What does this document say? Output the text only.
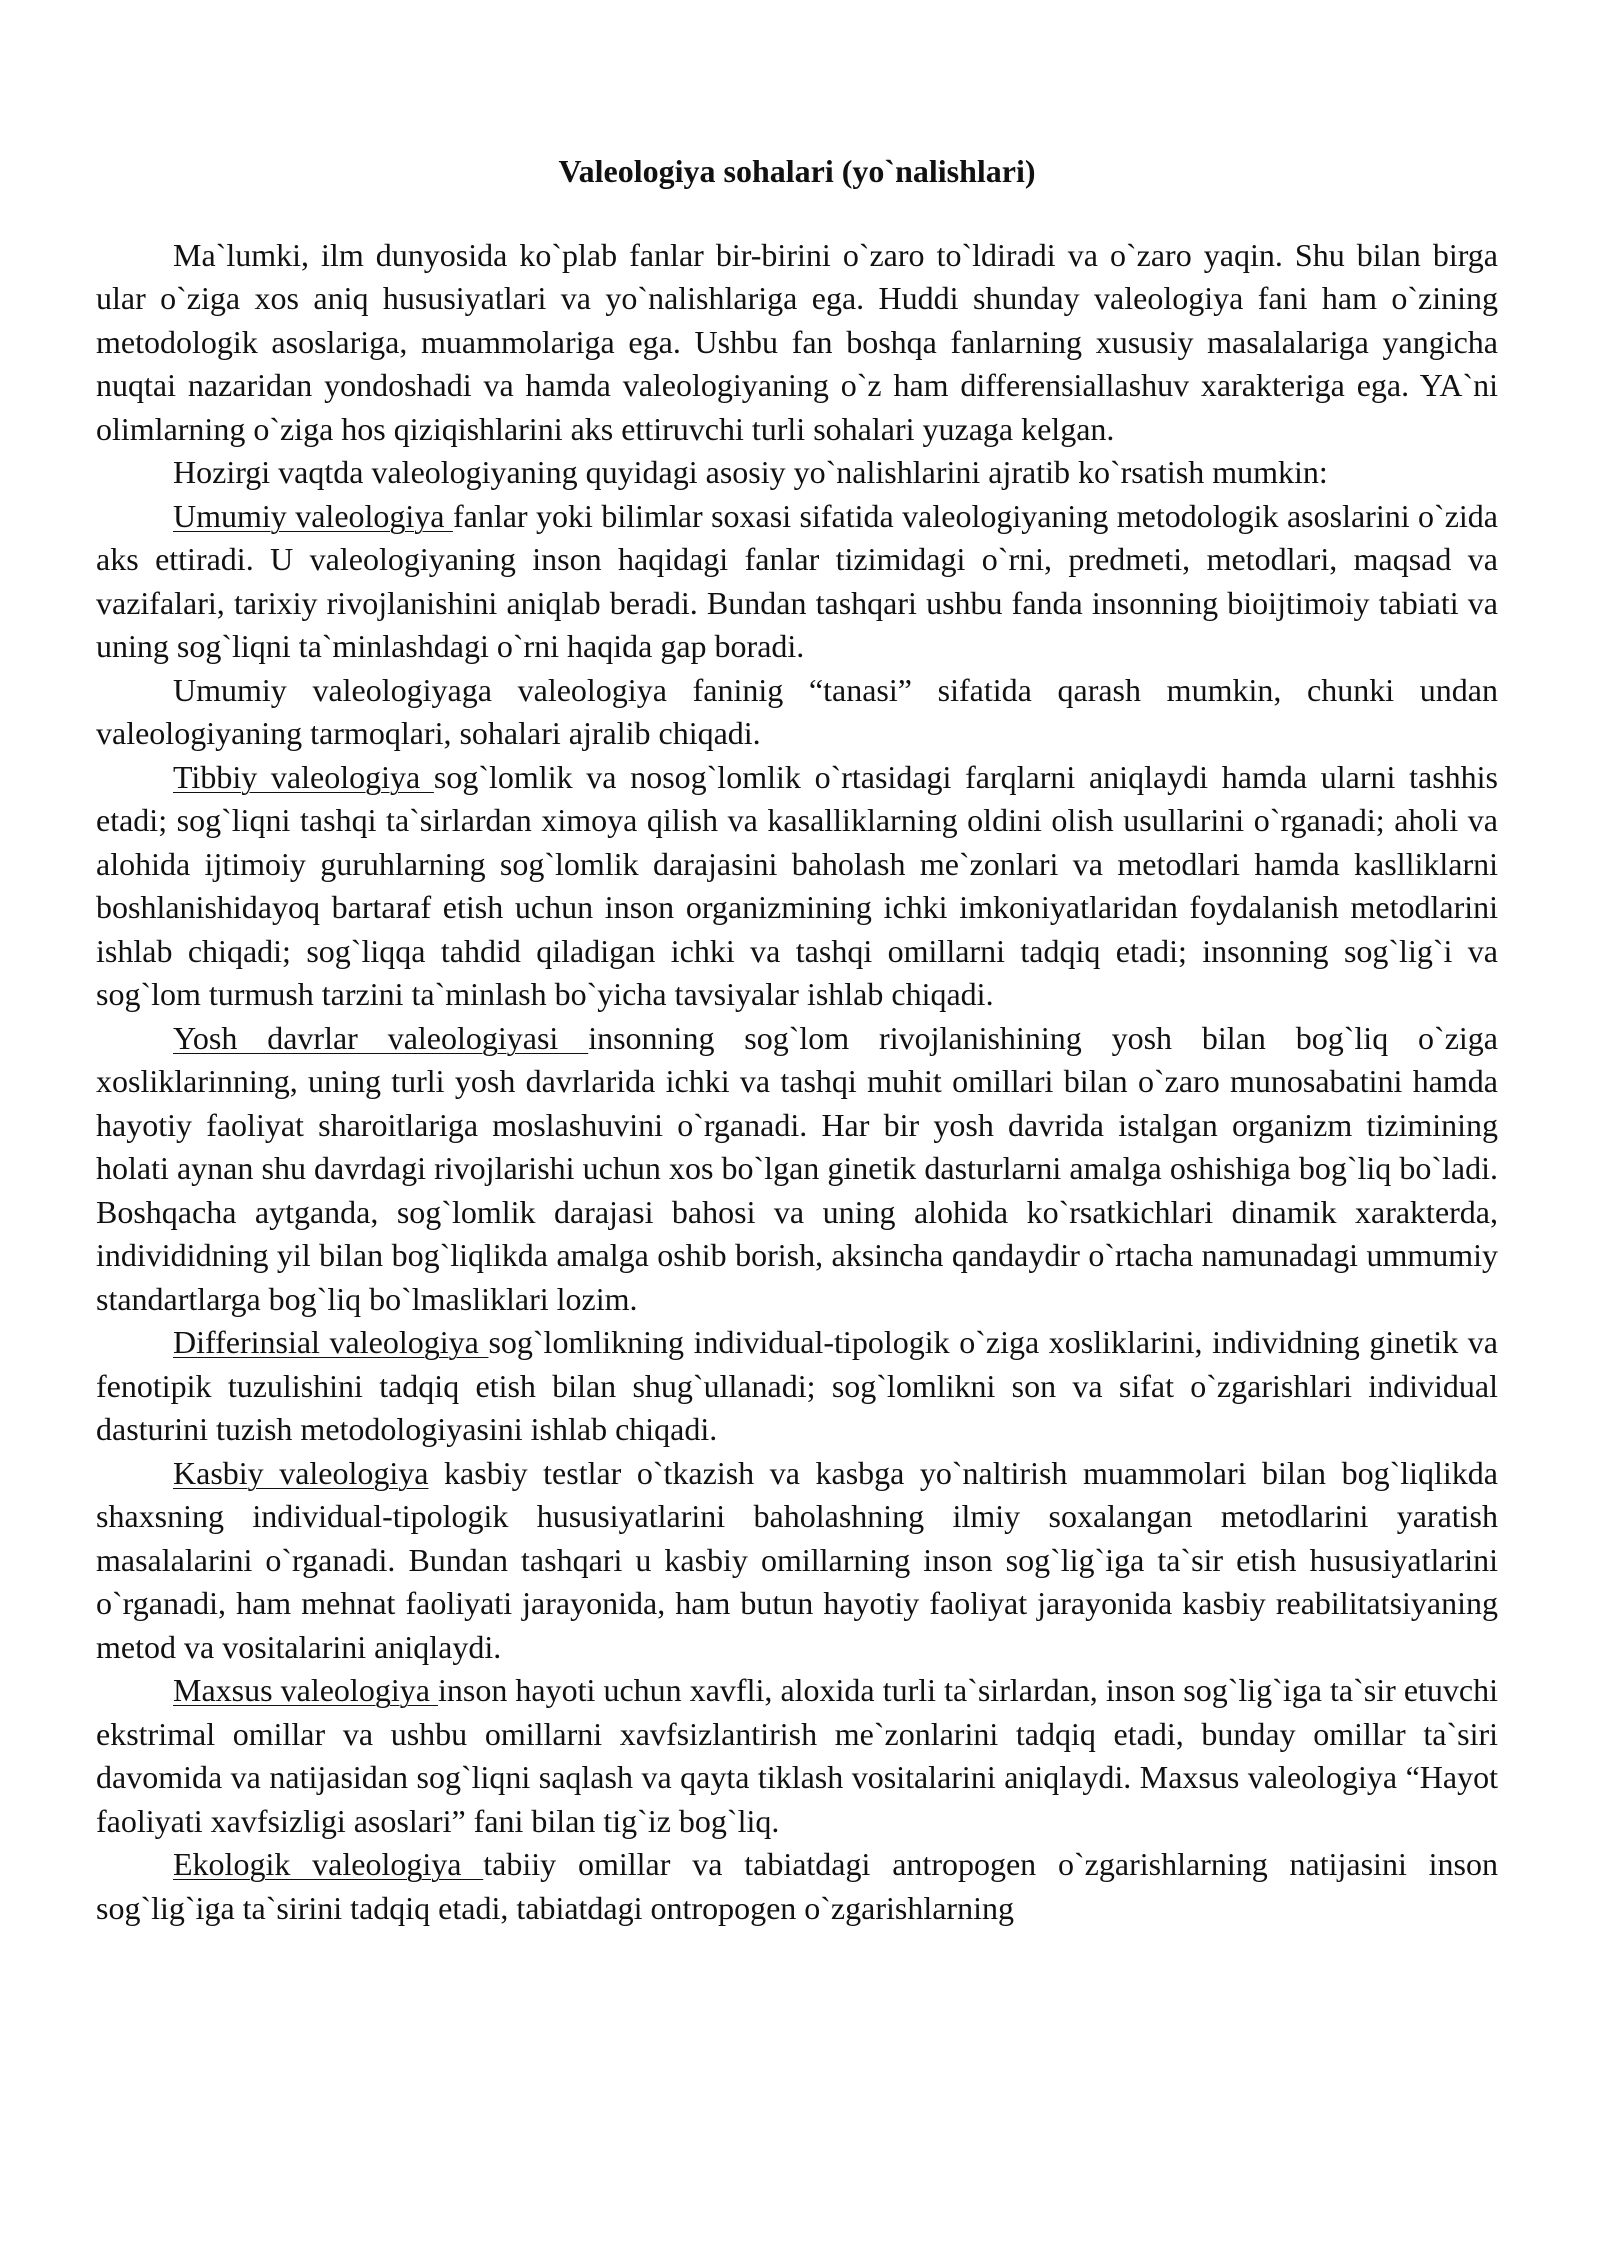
Valeologiya sohalari (yo`nalishlari)

Ma`lumki, ilm dunyosida ko`plab fanlar bir-birini o`zaro to`ldiradi va o`zaro yaqin. Shu bilan birga ular o`ziga xos aniq hususiyatlari va yo`nalishlariga ega. Huddi shunday valeologiya fani ham o`zining metodologik asoslariga, muammolariga ega. Ushbu fan boshqa fanlarning xususiy masalalariga yangicha nuqtai nazaridan yondoshadi va hamda valeologiyaning o`z ham differensiallashuv xarakteriga ega. YA`ni olimlarning o`ziga hos qiziqishlarini aks ettiruvchi turli sohalari yuzaga kelgan.

Hozirgi vaqtda valeologiyaning quyidagi asosiy yo`nalishlarini ajratib ko`rsatish mumkin:

Umumiy valeologiya fanlar yoki bilimlar soxasi sifatida valeologiyaning metodologik asoslarini o`zida aks ettiradi. U valeologiyaning inson haqidagi fanlar tizimidagi o`rni, predmeti, metodlari, maqsad va vazifalari, tarixiy rivojlanishini aniqlab beradi. Bundan tashqari ushbu fanda insonning bioijtimoiy tabiati va uning sog`liqni ta`minlashdagi o`rni haqida gap boradi.

Umumiy valeologiyaga valeologiya faninig “tanasi” sifatida qarash mumkin, chunki undan valeologiyaning tarmoqlari, sohalari ajralib chiqadi.

Tibbiy valeologiya sog`lomlik va nosog`lomlik o`rtasidagi farqlarni aniqlaydi hamda ularni tashhis etadi; sog`liqni tashqi ta`sirlardan ximoya qilish va kasalliklarning oldini olish usullarini o`rganadi; aholi va alohida ijtimoiy guruhlarning sog`lomlik darajasini baholash me`zonlari va metodlari hamda kaslliklarni boshlanishidayoq bartaraf etish uchun inson organizmining ichki imkoniyatlaridan foydalanish metodlarini ishlab chiqadi; sog`liqqa tahdid qiladigan ichki va tashqi omillarni tadqiq etadi; insonning sog`lig`i va sog`lom turmush tarzini ta`minlash bo`yicha tavsiyalar ishlab chiqadi.

Yosh davrlar valeologiyasi insonning sog`lom rivojlanishining yosh bilan bog`liq o`ziga xosliklarinning, uning turli yosh davrlarida ichki va tashqi muhit omillari bilan o`zaro munosabatini hamda hayotiy faoliyat sharoitlariga moslashuvini o`rganadi. Har bir yosh davrida istalgan organizm tizimining holati aynan shu davrdagi rivojlarishi uchun xos bo`lgan ginetik dasturlarni amalga oshishiga bog`liq bo`ladi. Boshqacha aytganda, sog`lomlik darajasi bahosi va uning alohida ko`rsatkichlari dinamik xarakterda, individidning yil bilan bog`liqlikda amalga oshib borish, aksincha qandaydir o`rtacha namunadagi ummumiy standartlarga bog`liq bo`lmasliklari lozim.

Differinsial valeologiya sog`lomlikning individual-tipologik o`ziga xosliklarini, individning ginetik va fenotipik tuzulishini tadqiq etish bilan shug`ullanadi; sog`lomlikni son va sifat o`zgarishlari individual dasturini tuzish metodologiyasini ishlab chiqadi.

Kasbiy valeologiya kasbiy testlar o`tkazish va kasbga yo`naltirish muammolari bilan bog`liqlikda shaxsning individual-tipologik hususiyatlarini baholashning ilmiy soxalangan metodlarini yaratish masalalarini o`rganadi. Bundan tashqari u kasbiy omillarning inson sog`lig`iga ta`sir etish hususiyatlarini o`rganadi, ham mehnat faoliyati jarayonida, ham butun hayotiy faoliyat jarayonida kasbiy reabilitatsiyaning metod va vositalarini aniqlaydi.

Maxsus valeologiya inson hayoti uchun xavfli, aloxida turli ta`sirlardan, inson sog`lig`iga ta`sir etuvchi ekstrimal omillar va ushbu omillarni xavfsizlantirish me`zonlarini tadqiq etadi, bunday omillar ta`siri davomida va natijasidan sog`liqni saqlash va qayta tiklash vositalarini aniqlaydi. Maxsus valeologiya “Hayot faoliyati xavfsizligi asoslari” fani bilan tig`iz bog`liq.

Ekologik valeologiya tabiiy omillar va tabiatdagi antropogen o`zgarishlarning natijasini inson sog`lig`iga ta`sirini tadqiq etadi, tabiatdagi ontropogen o`zgarishlarning
